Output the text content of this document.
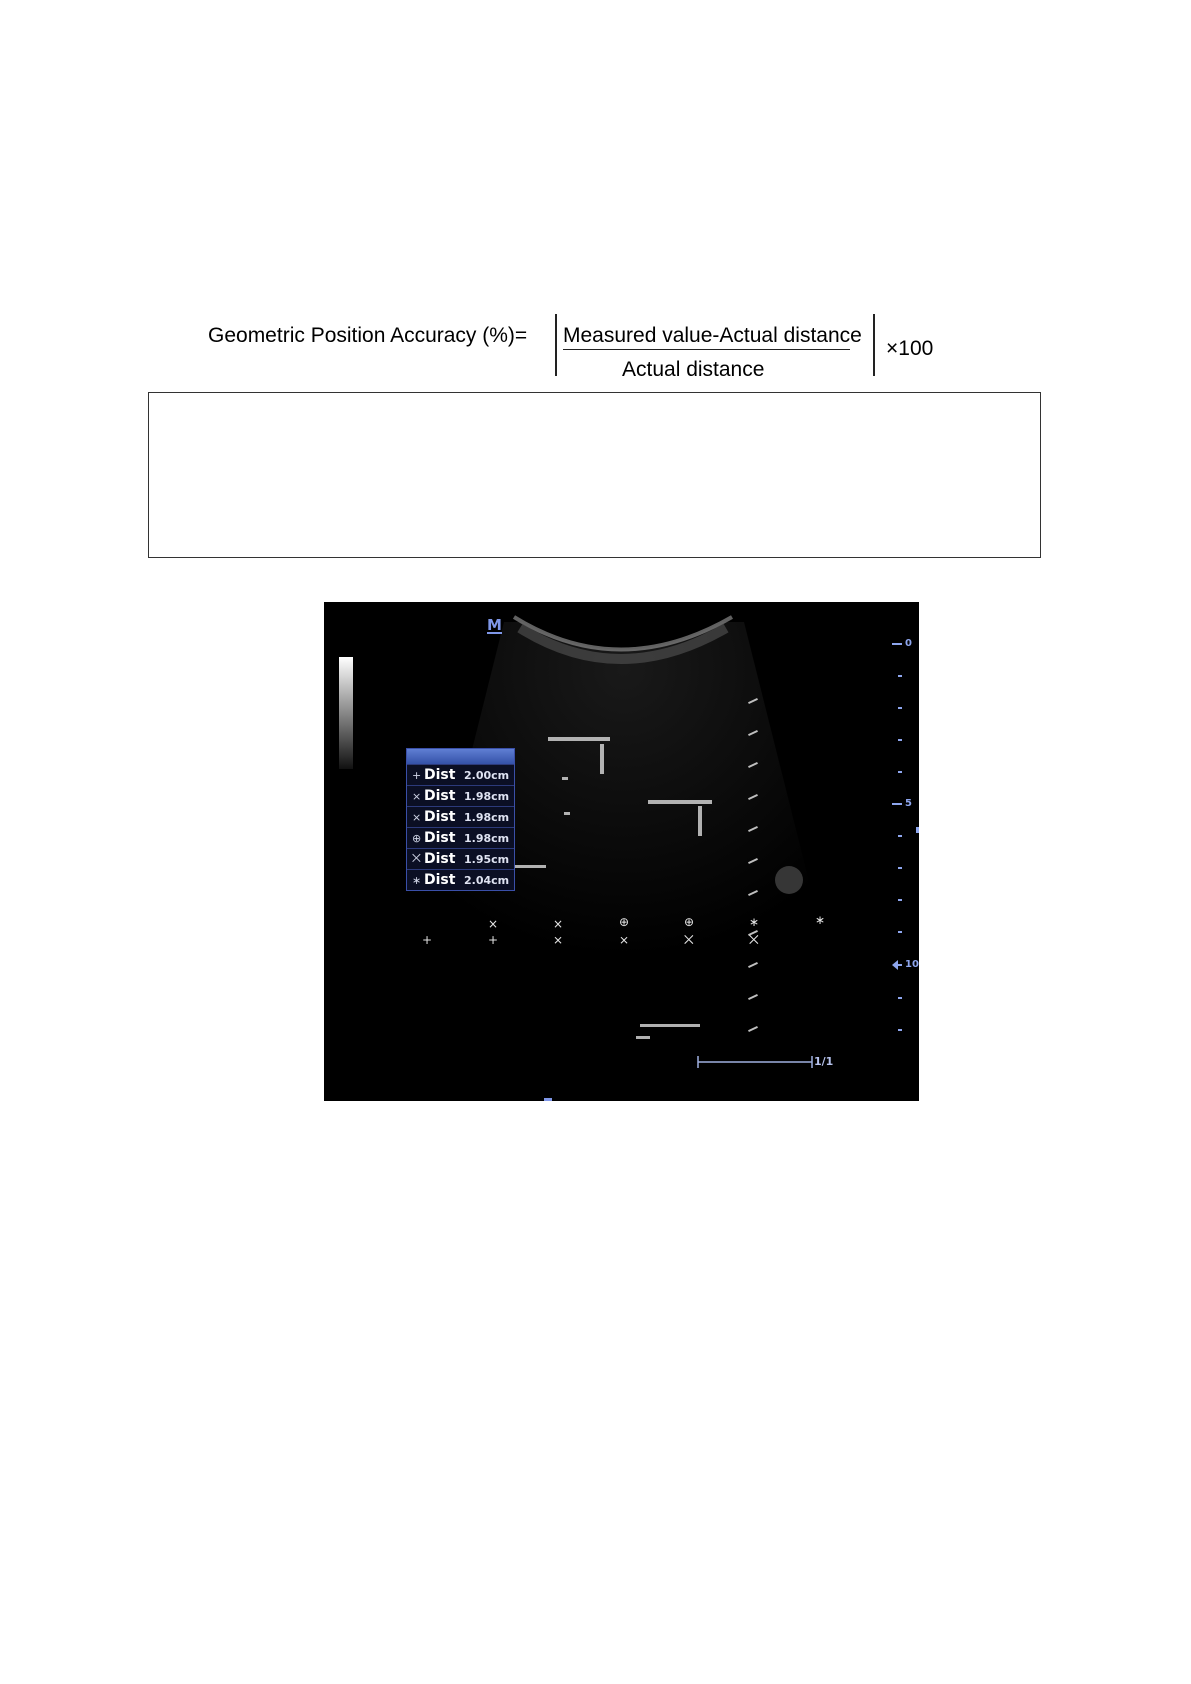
Geometric Position Accuracy (%)= Measured value-Actual distance
Actual distance
×100
M
0
5
10
1/1
+ Dist 2.00cm
× Dist 1.98cm
⨯ Dist 1.98cm
⊕ Dist 1.98cm
⨉ Dist 1.95cm
∗ Dist 2.04cm
+	+
×	×
⨯	⨯
⊕	⊕
⨉	⨉
∗	∗
